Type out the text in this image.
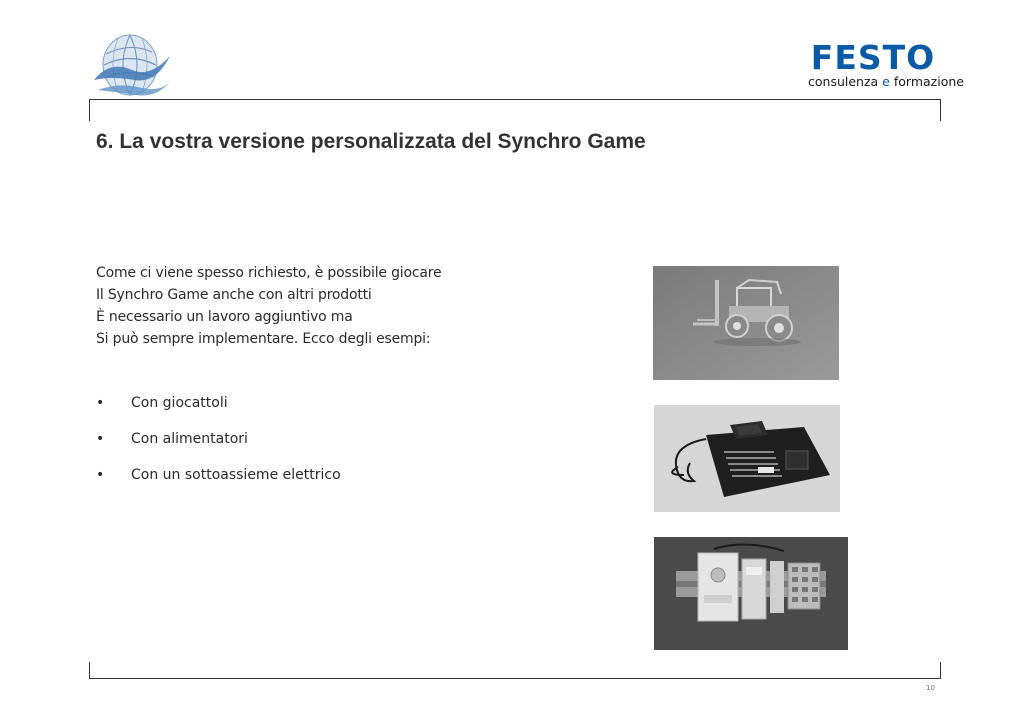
FESTO
consulenza e formazione
6. La vostra versione personalizzata del Synchro Game

Come ci viene spesso richiesto, è possibile giocare

Il Synchro Game anche con altri prodotti

È necessario un lavoro aggiuntivo ma

Si può sempre implementare. Ecco degli esempi:

• Con giocattoli
• Con alimentatori
• Con un sottoassieme elettrico
10
